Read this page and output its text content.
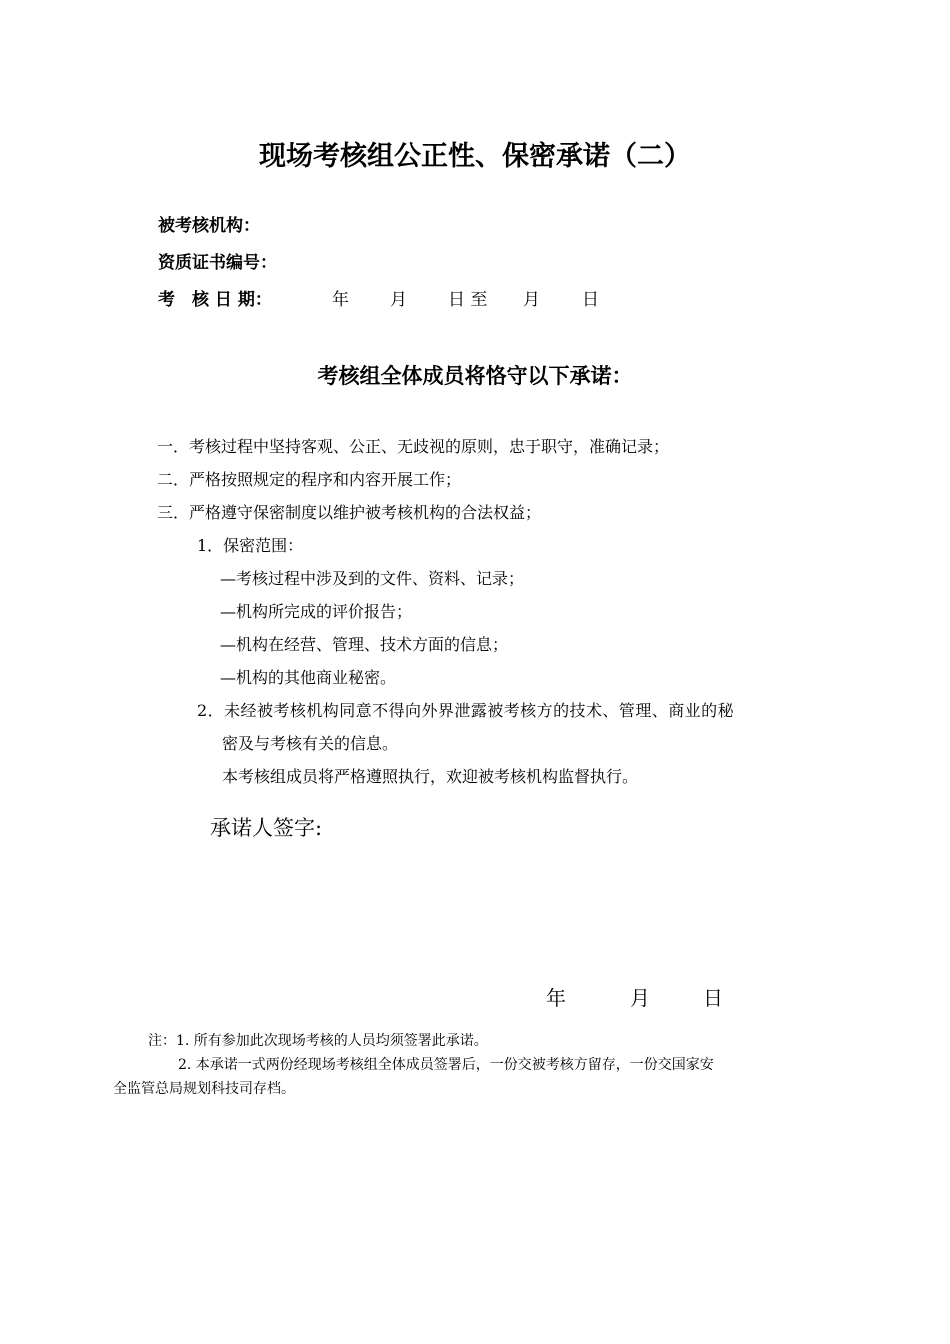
现场考核组公正性、保密承诺（二）
被考核机构：
资质证书编号：
考　核 日 期：	年 月 日 至 月 日
考核组全体成员将恪守以下承诺：
一．考核过程中坚持客观、公正、无歧视的原则，忠于职守，准确记录；
二．严格按照规定的程序和内容开展工作；
三．严格遵守保密制度以维护被考核机构的合法权益；
1．保密范围：
—考核过程中涉及到的文件、资料、记录；
—机构所完成的评价报告；
—机构在经营、管理、技术方面的信息；
—机构的其他商业秘密。
2．未经被考核机构同意不得向外界泄露被考核方的技术、管理、商业的秘
密及与考核有关的信息。
本考核组成员将严格遵照执行，欢迎被考核机构监督执行。
承诺人签字:
年	月	日
注：1. 所有参加此次现场考核的人员均须签署此承诺。
2. 本承诺一式两份经现场考核组全体成员签署后，一份交被考核方留存，一份交国家安
全监管总局规划科技司存档。
